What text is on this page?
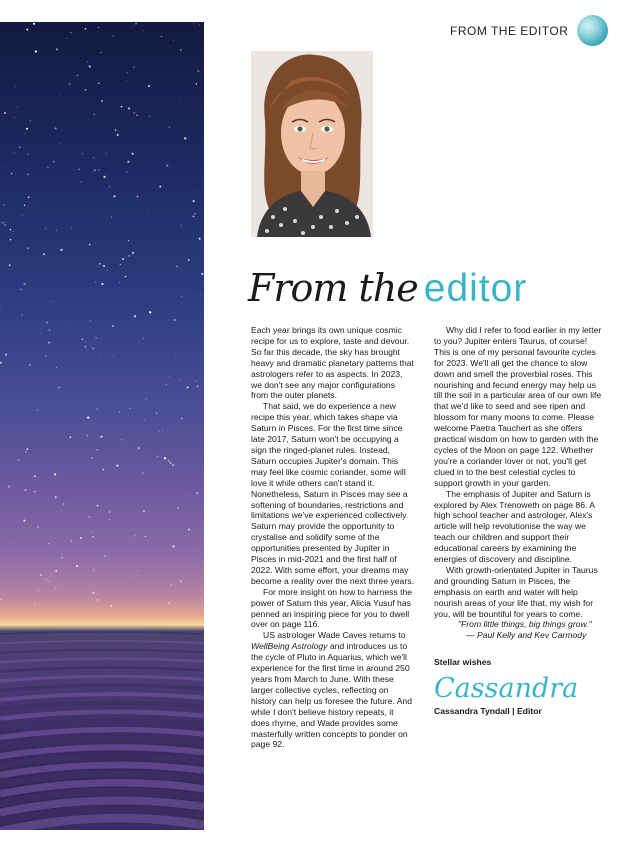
Images Getty
FROM THE EDITOR
From the editor

Each year brings its own unique cosmic recipe for us to explore, taste and devour. So far this decade, the sky has brought heavy and dramatic planetary patterns that astrologers refer to as aspects. In 2023, we don't see any major configurations from the outer planets.

That said, we do experience a new recipe this year, which takes shape via Saturn in Pisces. For the first time since late 2017, Saturn won't be occupying a sign the ringed-planet rules. Instead, Saturn occupies Jupiter's domain. This may feel like cosmic coriander, some will love it while others can't stand it. Nonetheless, Saturn in Pisces may see a softening of boundaries, restrictions and limitations we've experienced collectively. Saturn may provide the opportunity to crystalise and solidify some of the opportunities presented by Jupiter in Pisces in mid-2021 and the first half of 2022. With some effort, your dreams may become a reality over the next three years.

For more insight on how to harness the power of Saturn this year, Alicia Yusuf has penned an inspiring piece for you to dwell over on page 116.

US astrologer Wade Caves returns to WellBeing Astrology and introduces us to the cycle of Pluto in Aquarius, which we'll experience for the first time in around 250 years from March to June. With these larger collective cycles, reflecting on history can help us foresee the future. And while I don't believe history repeats, it does rhyme, and Wade provides some masterfully written concepts to ponder on page 92.

Why did I refer to food earlier in my letter to you? Jupiter enters Taurus, of course! This is one of my personal favourite cycles for 2023. We'll all get the chance to slow down and smell the proverbial roses. This nourishing and fecund energy may help us till the soil in a particular area of our own life that we'd like to seed and see ripen and blossom for many moons to come. Please welcome Paetra Tauchert as she offers practical wisdom on how to garden with the cycles of the Moon on page 122. Whether you're a coriander lover or not, you'll get clued in to the best celestial cycles to support growth in your garden.

The emphasis of Jupiter and Saturn is explored by Alex Trenoweth on page 86. A high school teacher and astrologer, Alex's article will help revolutionise the way we teach our children and support their educational careers by examining the energies of discovery and discipline.

With growth-orientated Jupiter in Taurus and grounding Saturn in Pisces, the emphasis on earth and water will help nourish areas of your life that, my wish for you, will be bountiful for years to come.

"From little things, big things grow."

— Paul Kelly and Kev Carmody

Stellar wishes
Cassandra
Cassandra Tyndall | Editor
